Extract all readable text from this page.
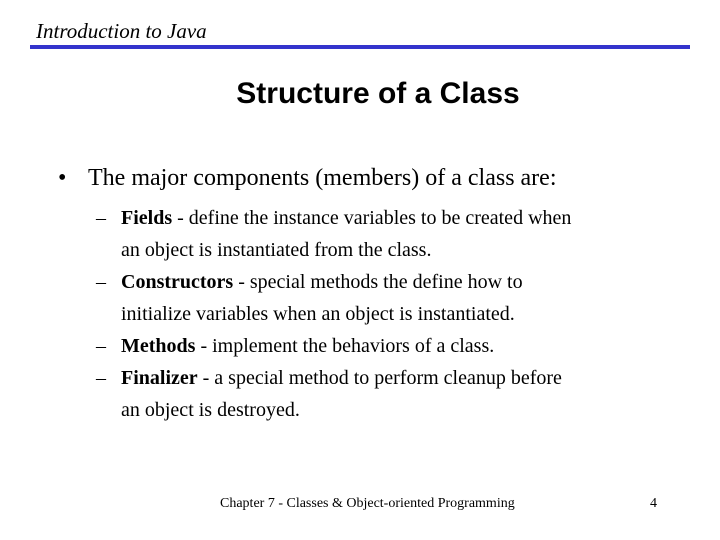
Introduction to Java
Structure of a Class
• The major components (members) of a class are:
– Fields - define the instance variables to be created when
an object is instantiated from the class.
– Constructors - special methods the define how to
initialize variables when an object is instantiated.
– Methods - implement the behaviors of a class.
– Finalizer - a special method to perform cleanup before
an object is destroyed.
Chapter 7 - Classes & Object-oriented Programming	4
